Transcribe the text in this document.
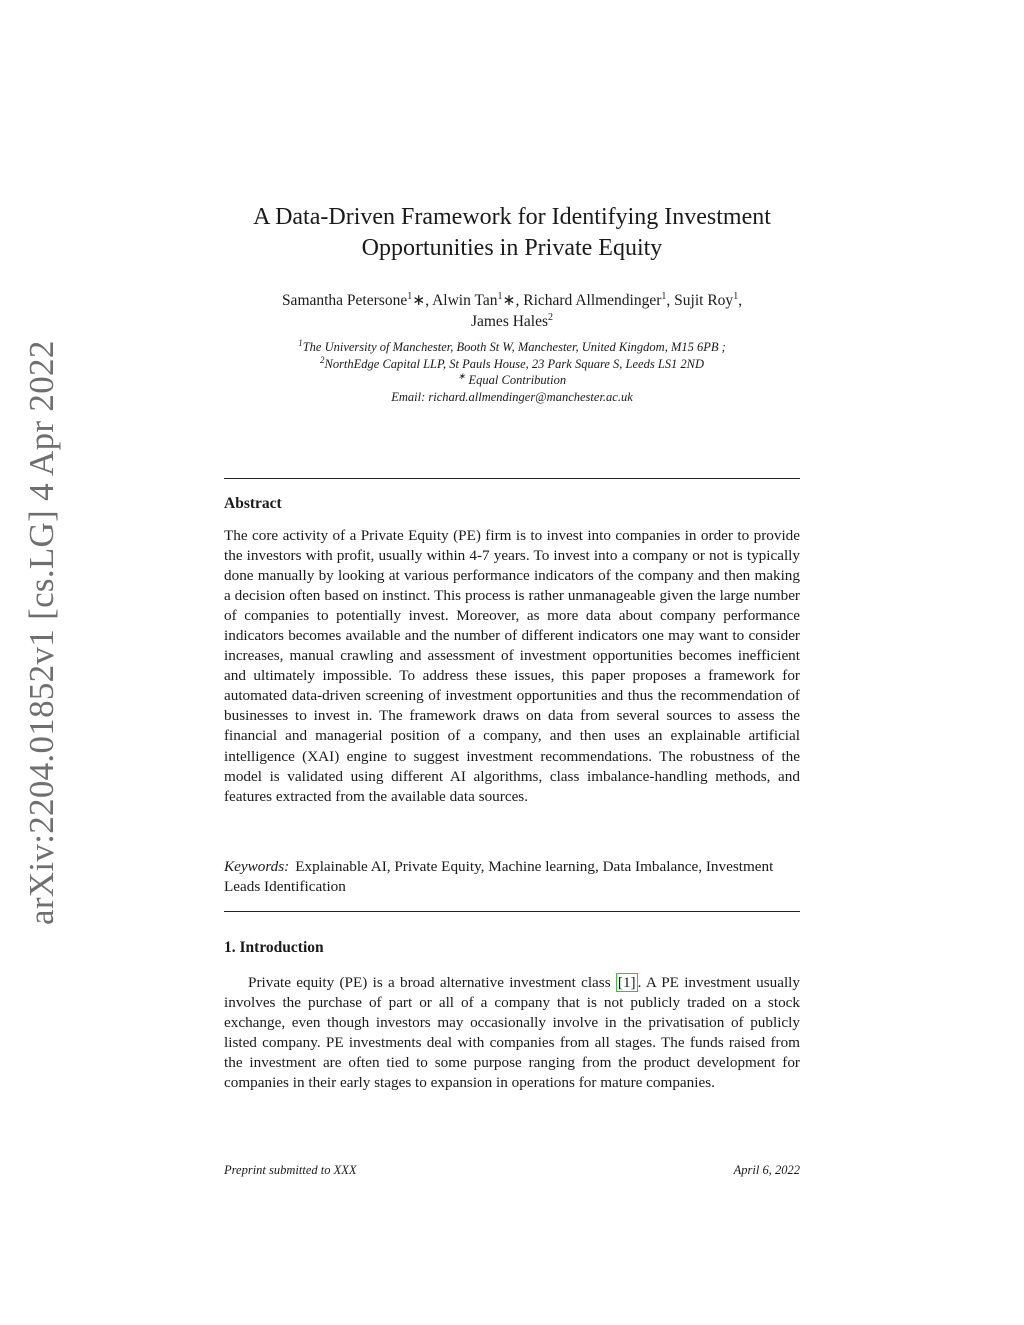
arXiv:2204.01852v1 [cs.LG] 4 Apr 2022
A Data-Driven Framework for Identifying Investment
Opportunities in Private Equity
Samantha Petersone$^1$∗, Alwin Tan$^1$∗, Richard Allmendinger$^1$, Sujit Roy$^1$,
James Hales$^2$
$^1$The University of Manchester, Booth St W, Manchester, United Kingdom, M15 6PB ;
$^2$NorthEdge Capital LLP, St Pauls House, 23 Park Square S, Leeds LS1 2ND
∗ Equal Contribution
Email: richard.allmendinger@manchester.ac.uk
Abstract
The core activity of a Private Equity (PE) firm is to invest into companies in order to provide the investors with profit, usually within 4-7 years. To invest into a company or not is typically done manually by looking at various performance indicators of the company and then making a decision often based on instinct. This process is rather unmanageable given the large number of companies to potentially invest. Moreover, as more data about company performance indicators becomes available and the number of different indicators one may want to consider increases, manual crawling and assessment of investment opportunities becomes inefficient and ultimately impossible. To address these issues, this paper proposes a framework for automated data-driven screening of investment opportunities and thus the recommendation of businesses to invest in. The framework draws on data from several sources to assess the financial and managerial position of a company, and then uses an explainable artificial intelligence (XAI) engine to suggest investment recommendations. The robustness of the model is validated using different AI algorithms, class imbalance-handling methods, and features extracted from the available data sources.
Keywords: Explainable AI, Private Equity, Machine learning, Data Imbalance, Investment Leads Identification
1. Introduction
Private equity (PE) is a broad alternative investment class [1] . A PE investment usually involves the purchase of part or all of a company that is not publicly traded on a stock exchange, even though investors may occasionally involve in the privatisation of publicly listed company. PE investments deal with companies from all stages. The funds raised from the investment are often tied to some purpose ranging from the product development for companies in their early stages to expansion in operations for mature companies.
Preprint submitted to XXX	April 6, 2022
